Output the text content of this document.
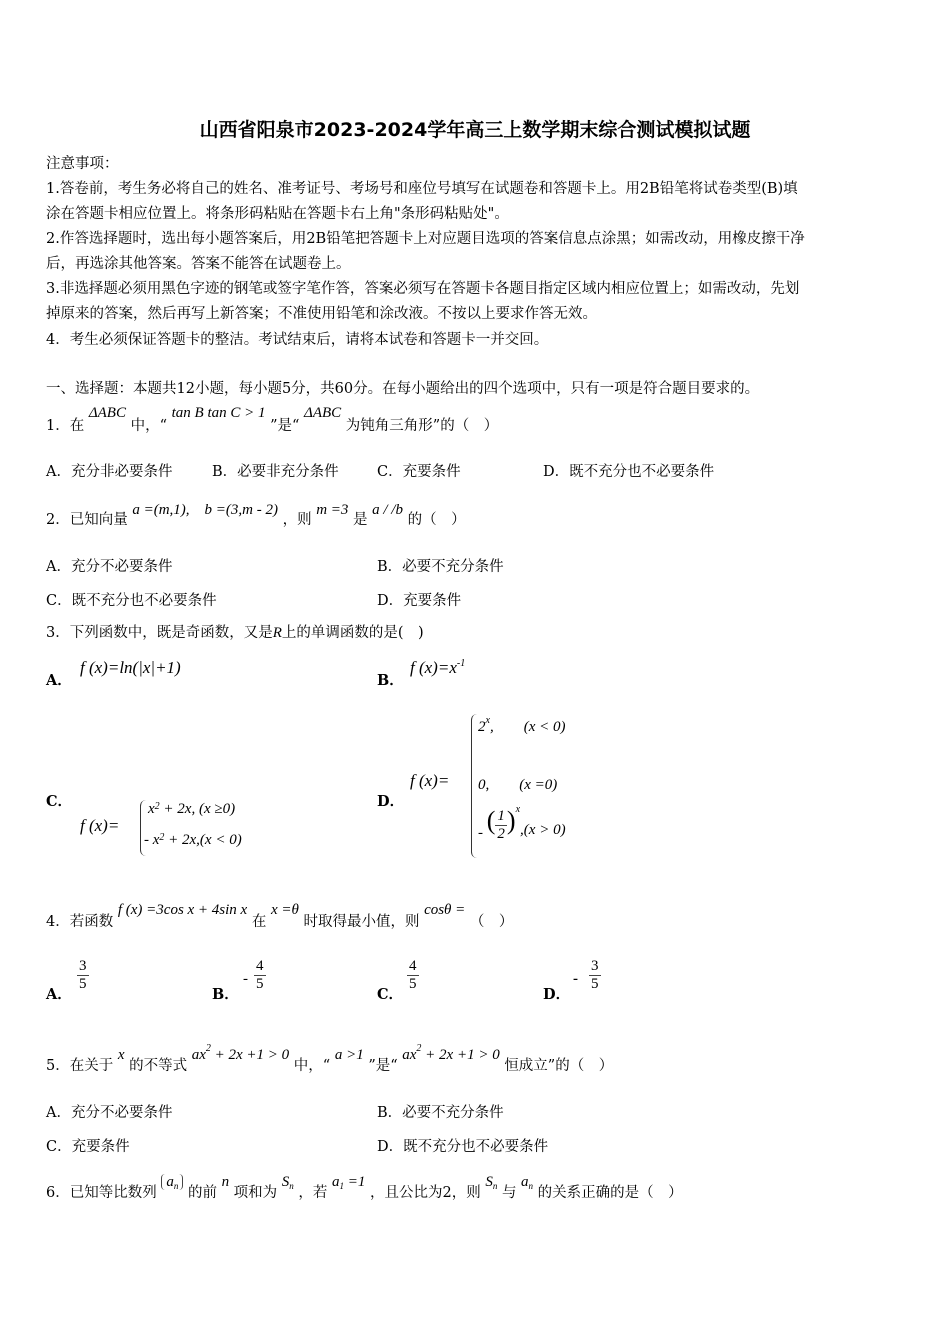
山西省阳泉市2023-2024学年高三上数学期末综合测试模拟试题
注意事项：
1.答卷前，考生务必将自己的姓名、准考证号、考场号和座位号填写在试题卷和答题卡上。用2B铅笔将试卷类型(B)填
涂在答题卡相应位置上。将条形码粘贴在答题卡右上角"条形码粘贴处"。
2.作答选择题时，选出每小题答案后，用2B铅笔把答题卡上对应题目选项的答案信息点涂黑；如需改动，用橡皮擦干净
后，再选涂其他答案。答案不能答在试题卷上。
3.非选择题必须用黑色字迹的钢笔或签字笔作答，答案必须写在答题卡各题目指定区域内相应位置上；如需改动，先划
掉原来的答案，然后再写上新答案；不准使用铅笔和涂改液。不按以上要求作答无效。
4．考生必须保证答题卡的整洁。考试结束后，请将本试卷和答题卡一并交回。
一、选择题：本题共12小题，每小题5分，共60分。在每小题给出的四个选项中，只有一项是符合题目要求的。
1．在 ΔABC 中，“ tan B tan C > 1 ”是“ ΔABC 为钝角三角形”的（　）
A．充分非必要条件	B．必要非充分条件	C．充要条件	D．既不充分也不必要条件
2．已知向量 a =(m,1),　b =(3,m - 2) ，则 m =3 是 a / /b 的（　）
A．充分不必要条件	B．必要不充分条件
C．既不充分也不必要条件	D．充要条件
3．下列函数中，既是奇函数，又是R上的单调函数的是(　)
A．
f (x)=ln(|x|+1)
B．
f $(x)=x^{-1}$
C．
f (x)=
$x^2 + 2x$, (x ≥0)
- $x^2 + 2x,(x < 0)$
D．
f (x)=
$2^x$,　　(x < 0)
0,　　(x =0)
- ( $\frac{1}{2} )^x,(x > 0)$
4．若函数 f (x) =3cos x + 4sin x 在 x =θ 时取得最小值，则 cosθ = （　）
A．
$\frac{3}{5}$
B．
- $\frac{4}{5}$
C．
$\frac{4}{5}$
D．
- $\frac{3}{5}$
5．在关于 x 的不等式 $ax^2 + 2x +1 > 0$ 中，“ a >1 ”是“ $ax^2 + 2x +1 > 0$ 恒成立”的（　）
A．充分不必要条件	B．必要不充分条件
C．充要条件	D．既不充分也不必要条件
6．已知等比数列 $a_n$ 的前 n 项和为 $S_n$ ，若 $a_1 =1$ ，且公比为2，则 $S_n$ 与 $a_n$ 的关系正确的是（　）
